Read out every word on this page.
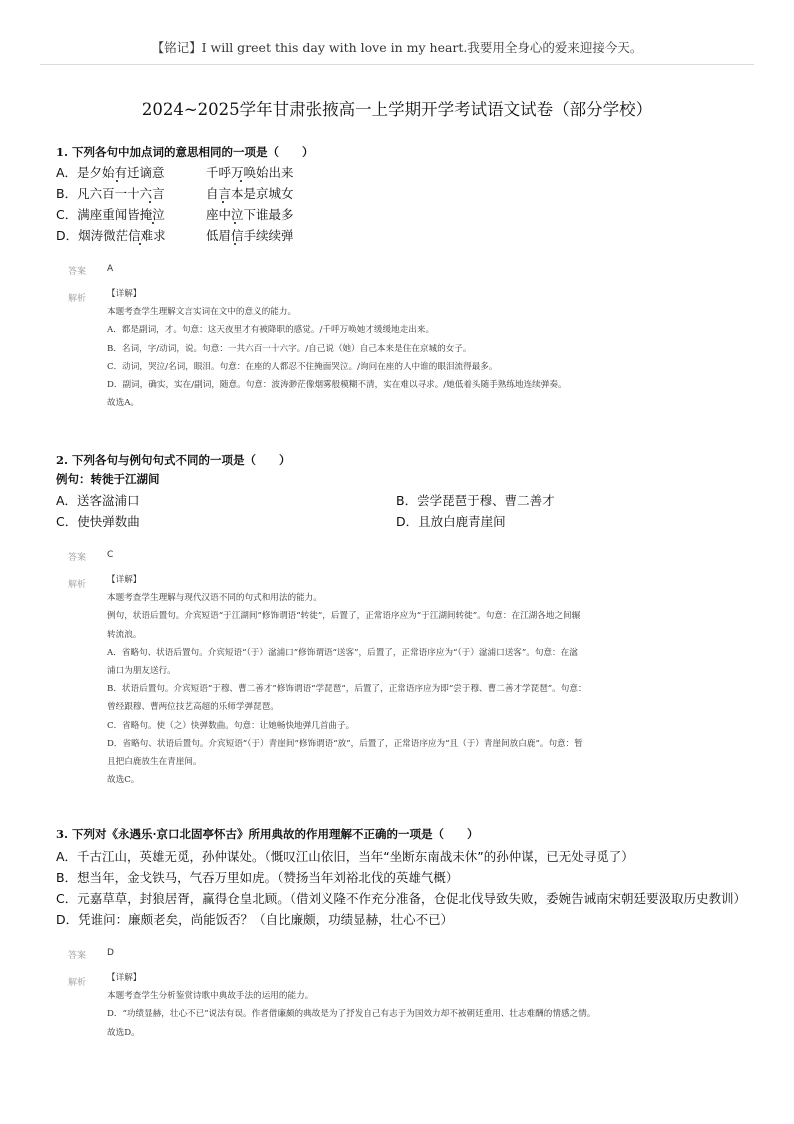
【铭记】I will greet this day with love in my heart.我要用全身心的爱来迎接今天。
2024~2025学年甘肃张掖高一上学期开学考试语文试卷（部分学校）
1. 下列各句中加点词的意思相同的一项是（　　）
A．是夕始有迁谪意	千呼万唤始出来
B．凡六百一十六言	自言本是京城女
C．满座重闻皆掩泣	座中泣下谁最多
D．烟涛微茫信难求	低眉信手续续弹
答案 A
解析 【详解】
本题考查学生理解文言实词在文中的意义的能力。
A．都是副词，才。句意：这天夜里才有被降职的感觉。/千呼万唤她才缓缓地走出来。
B．名词，字/动词，说。句意：一共六百一十六字。/自己说（她）自己本来是住在京城的女子。
C．动词，哭泣/名词，眼泪。句意：在座的人都忍不住掩面哭泣。/询问在座的人中谁的眼泪流得最多。
D．副词，确实，实在/副词，随意。句意：波涛渺茫像烟雾般模糊不清，实在难以寻求。/她低着头随手熟练地连续弹奏。
故选A。
2. 下列各句与例句句式不同的一项是（　　）
例句：转徙于江湖间
A．送客湓浦口	B．尝学琵琶于穆、曹二善才
C．使快弹数曲	D．且放白鹿青崖间
答案 C
解析 【详解】
本题考查学生理解与现代汉语不同的句式和用法的能力。
例句，状语后置句。介宾短语“于江湖间”修饰谓语“转徙”，后置了，正常语序应为“于江湖间转徙”。句意：在江湖各地之间辗
转流浪。
A．省略句、状语后置句。介宾短语“（于）湓浦口”修饰谓语“送客”，后置了，正常语序应为“（于）湓浦口送客”。句意：在湓
浦口为朋友送行。
B．状语后置句。介宾短语“于穆、曹二善才”修饰谓语“学琵琶”，后置了，正常语序应为即“尝于穆、曹二善才学琵琶”。句意：
曾经跟穆、曹两位技艺高超的乐师学弹琵琶。
C．省略句。使（之）快弹数曲。句意：让她畅快地弹几首曲子。
D．省略句、状语后置句。介宾短语“（于）青崖间”修饰谓语“放”，后置了，正常语序应为“且（于）青崖间放白鹿”。句意：暂
且把白鹿放生在青崖间。
故选C。
3. 下列对《永遇乐·京口北固亭怀古》所用典故的作用理解不正确的一项是（　　）
A．千古江山，英雄无觅，孙仲谋处。（慨叹江山依旧，当年“坐断东南战未休”的孙仲谋，已无处寻觅了）
B．想当年，金戈铁马，气吞万里如虎。（赞扬当年刘裕北伐的英雄气概）
C．元嘉草草，封狼居胥，赢得仓皇北顾。（借刘义隆不作充分准备，仓促北伐导致失败，委婉告诫南宋朝廷要汲取历史教训）
D．凭谁问：廉颇老矣，尚能饭否？（自比廉颇，功绩显赫，壮心不已）
答案 D
解析 【详解】
本题考查学生分析鉴赏诗歌中典故手法的运用的能力。
D．“功绩显赫，壮心不已”说法有误。作者借廉颇的典故是为了抒发自己有志于为国效力却不被朝廷重用、壮志难酬的情感之情。
故选D。
